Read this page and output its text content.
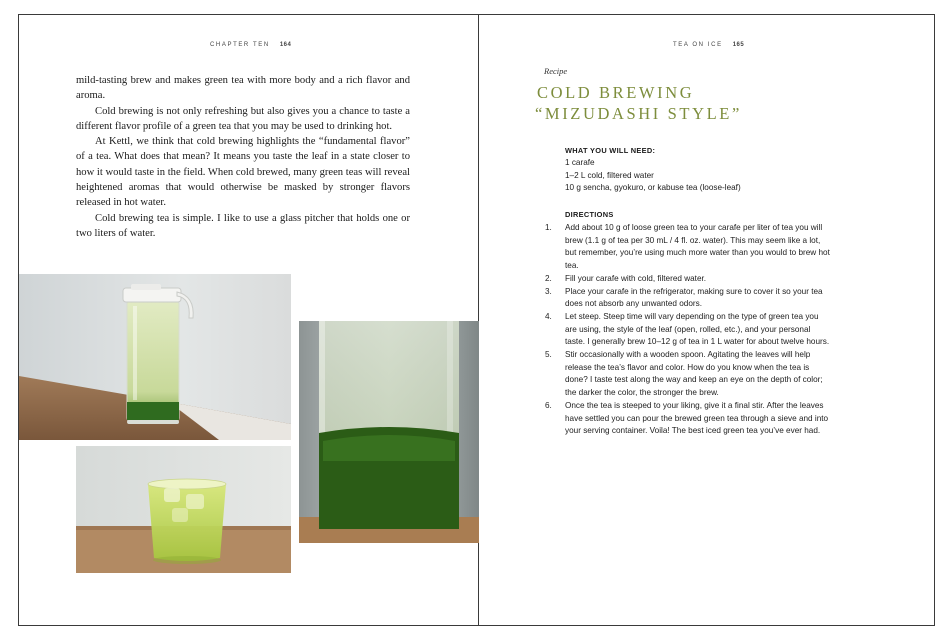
CHAPTER TEN 164

mild-tasting brew and makes green tea with more body and a rich flavor and aroma.

Cold brewing is not only refreshing but also gives you a chance to taste a different flavor profile of a green tea that you may be used to drinking hot.

At Kettl, we think that cold brewing highlights the “fundamental flavor” of a tea. What does that mean? It means you taste the leaf in a state closer to how it would taste in the field. When cold brewed, many green teas will reveal heightened aromas that would otherwise be masked by stronger flavors released in hot water.

Cold brewing tea is simple. I like to use a glass pitcher that holds one or two liters of water.

TEA ON ICE 165
Recipe
COLD BREWING
“MIZUDASHI STYLE”
WHAT YOU WILL NEED:
1 carafe
1–2 L cold, filtered water
10 g sencha, gyokuro, or kabuse tea (loose-leaf)
DIRECTIONS
1. Add about 10 g of loose green tea to your carafe per liter of tea you will brew (1.1 g of tea per 30 mL / 4 fl. oz. water). This may seem like a lot, but remember, you’re using much more water than you would to brew hot tea.
2. Fill your carafe with cold, filtered water.
3. Place your carafe in the refrigerator, making sure to cover it so your tea does not absorb any unwanted odors.
4. Let steep. Steep time will vary depending on the type of green tea you are using, the style of the leaf (open, rolled, etc.), and your personal taste. I generally brew 10–12 g of tea in 1 L water for about twelve hours.
5. Stir occasionally with a wooden spoon. Agitating the leaves will help release the tea’s flavor and color. How do you know when the tea is done? I taste test along the way and keep an eye on the depth of color; the darker the color, the stronger the brew.
6. Once the tea is steeped to your liking, give it a final stir. After the leaves have settled you can pour the brewed green tea through a sieve and into your serving container. Voila! The best iced green tea you’ve ever had.
